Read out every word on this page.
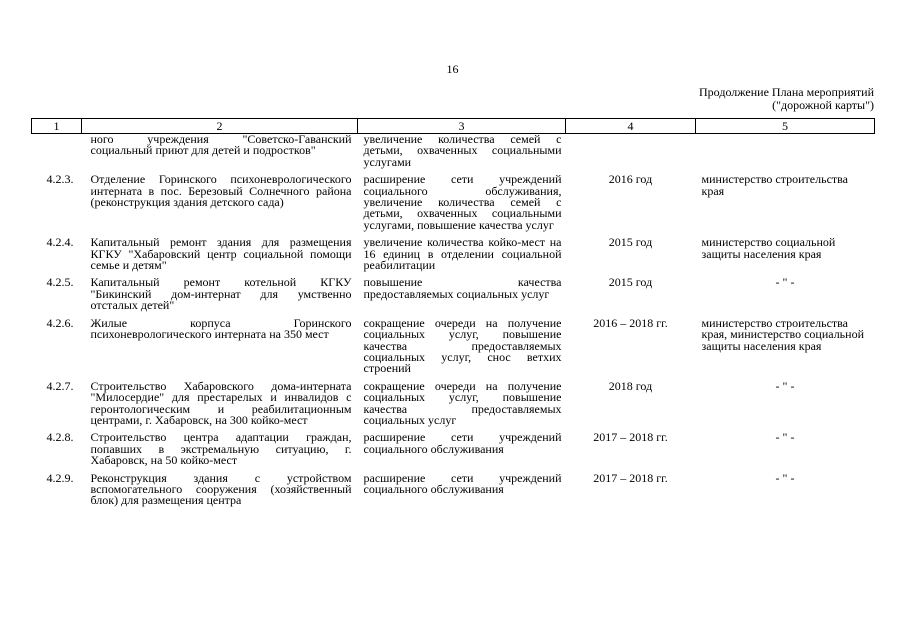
16
Продолжение Плана мероприятий
("дорожной карты")
1	2	3	4	5
	ного учреждения "Советско-Гаванский социальный приют для детей и подростков"	увеличение количества семей с детьми, охваченных социальными услугами		
4.2.3.	Отделение Горинского психоневрологического интерната в пос. Березовый Солнечного района (реконструкция здания детского сада)	расширение сети учреждений социального обслуживания, увеличение количества семей с детьми, охваченных социальными услугами, повышение качества услуг	2016 год	министерство строительства края
4.2.4.	Капитальный ремонт здания для размещения КГКУ "Хабаровский центр социальной помощи семье и детям"	увеличение количества койко-мест на 16 единиц в отделении социальной реабилитации	2015 год	министерство социальной защиты населения края
4.2.5.	Капитальный ремонт котельной КГКУ "Бикинский дом-интернат для умственно отсталых детей"	повышение качества предоставляемых социальных услуг	2015 год	- " -
4.2.6.	Жилые корпуса Горинского психоневрологического интерната на 350 мест	сокращение очереди на получение социальных услуг, повышение качества предоставляемых социальных услуг, снос ветхих строений	2016 – 2018 гг.	министерство строительства края, министерство социальной защиты населения края
4.2.7.	Строительство Хабаровского дома-интерната "Милосердие" для престарелых и инвалидов с геронтологическим и реабилитационным центрами, г. Хабаровск, на 300 койко-мест	сокращение очереди на получение социальных услуг, повышение качества предоставляемых социальных услуг	2018 год	- " -
4.2.8.	Строительство центра адаптации граждан, попавших в экстремальную ситуацию, г. Хабаровск, на 50 койко-мест	расширение сети учреждений социального обслуживания	2017 – 2018 гг.	- " -
4.2.9.	Реконструкция здания с устройством вспомогательного сооружения (хозяйственный блок) для размещения центра	расширение сети учреждений социального обслуживания	2017 – 2018 гг.	- " -
